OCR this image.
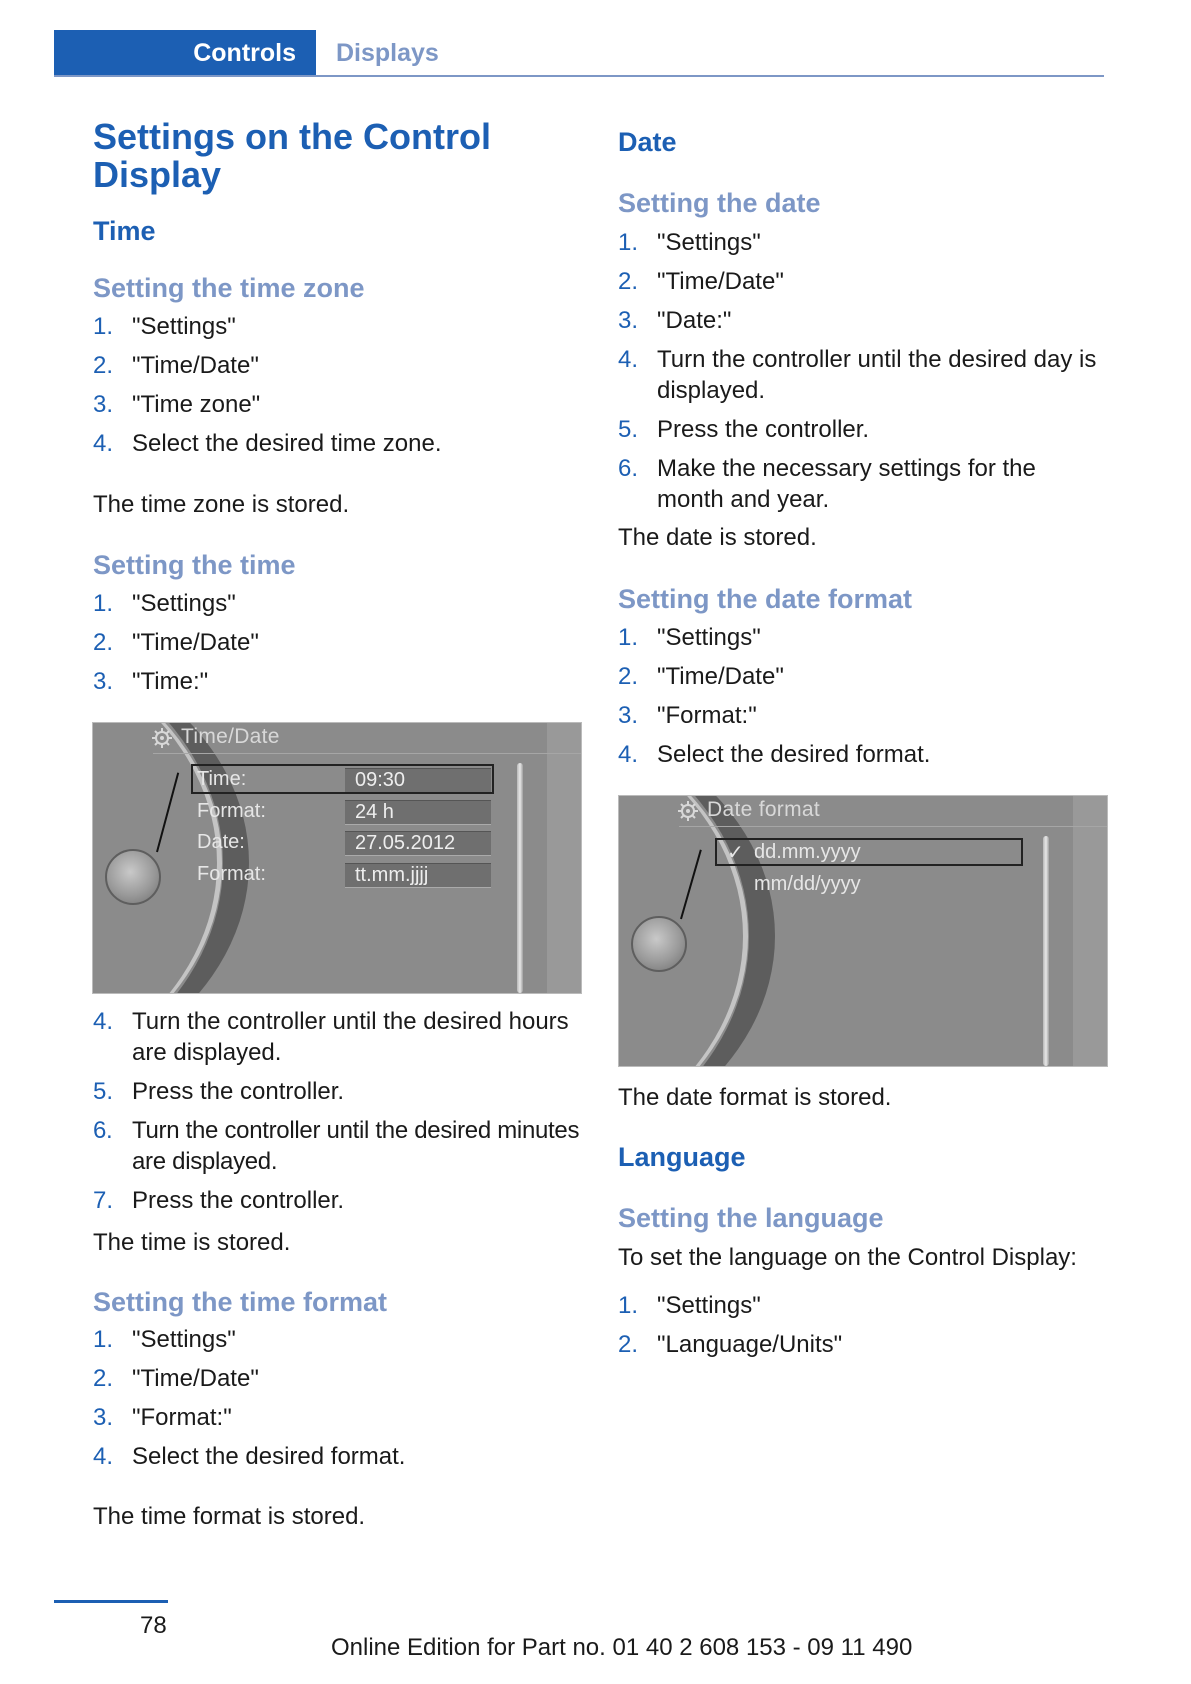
Controls Displays
Settings on the Control Display
Time
Setting the time zone
1. "Settings"
2. "Time/Date"
3. "Time zone"
4. Select the desired time zone.

The time zone is stored.

Setting the time
1. "Settings"
2. "Time/Date"
3. "Time:"
Time/Date
Time:	09:30
Format:	24 h
Date:	27.05.2012
Format:	tt.mm.jjjj
4. Turn the controller until the desired hours are displayed.
5. Press the controller.
6. Turn the controller until the desired minutes are displayed.
7. Press the controller.

The time is stored.

Setting the time format
1. "Settings"
2. "Time/Date"
3. "Format:"
4. Select the desired format.

The time format is stored.

Date
Setting the date
1. "Settings"
2. "Time/Date"
3. "Date:"
4. Turn the controller until the desired day is displayed.
5. Press the controller.
6. Make the necessary settings for the month and year.

The date is stored.

Setting the date format
1. "Settings"
2. "Time/Date"
3. "Format:"
4. Select the desired format.
Date format
✓ dd.mm.yyyy
mm/dd/yyyy

The date format is stored.

Language
Setting the language

To set the language on the Control Display:

1. "Settings"
2. "Language/Units"
78
Online Edition for Part no. 01 40 2 608 153 - 09 11 490
